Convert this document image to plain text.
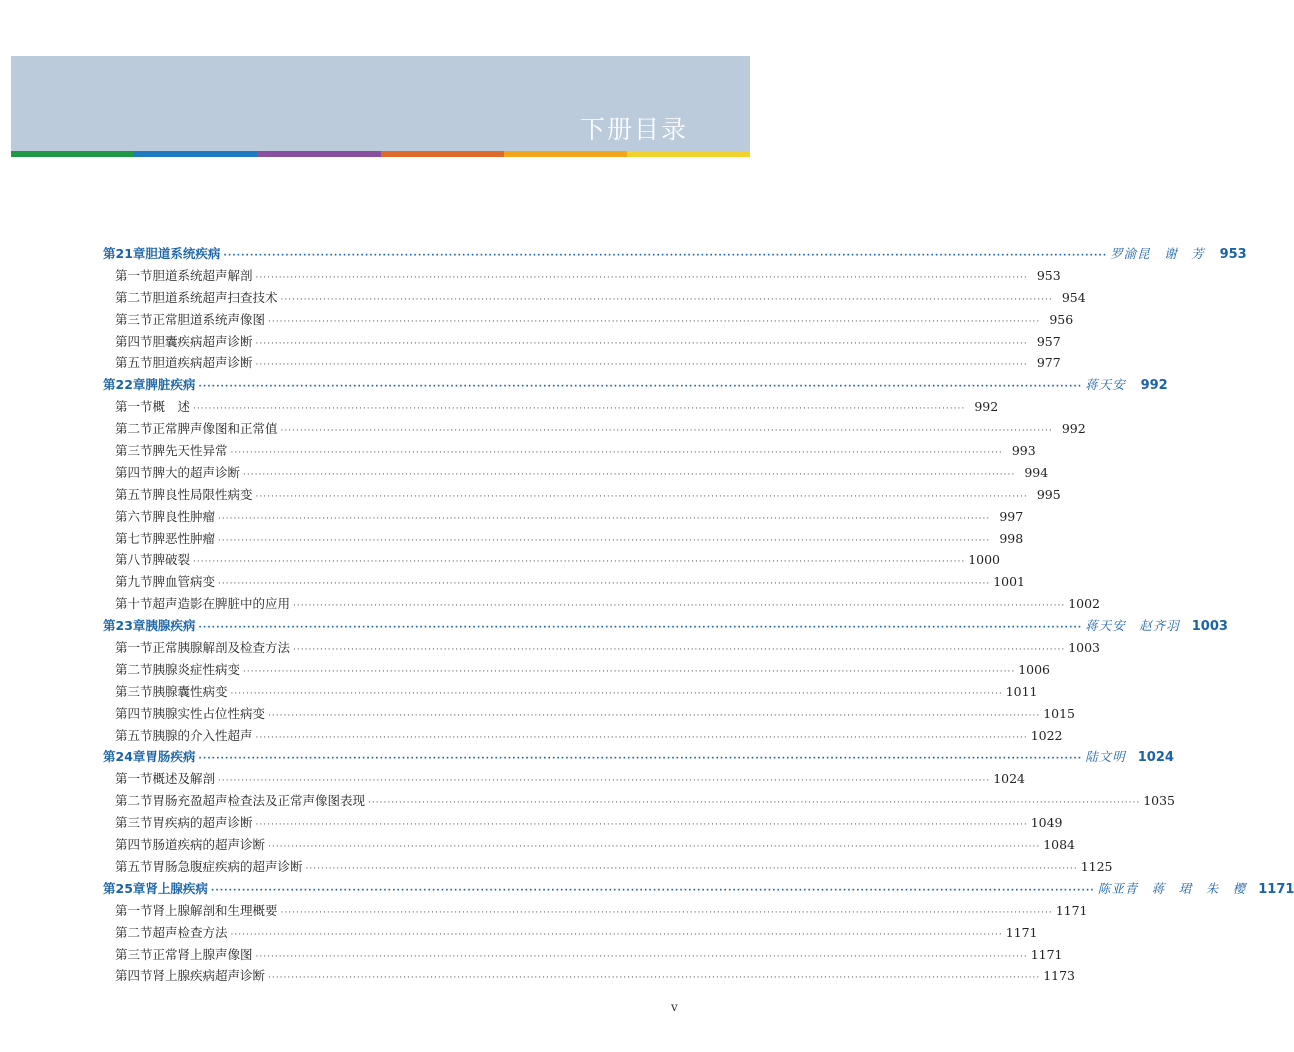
下册目录
第21章 胆道系统疾病 ········································································································································································································ 罗渝昆　谢　芳 953
第一节 胆道系统超声解剖 ········································································································································································································ 953
第二节 胆道系统超声扫查技术 ········································································································································································································ 954
第三节 正常胆道系统声像图 ········································································································································································································ 956
第四节 胆囊疾病超声诊断 ········································································································································································································ 957
第五节 胆道疾病超声诊断 ········································································································································································································ 977
第22章 脾脏疾病 ········································································································································································································ 蒋天安 992
第一节 概　述 ········································································································································································································ 992
第二节 正常脾声像图和正常值 ········································································································································································································ 992
第三节 脾先天性异常 ········································································································································································································ 993
第四节 脾大的超声诊断 ········································································································································································································ 994
第五节 脾良性局限性病变 ········································································································································································································ 995
第六节 脾良性肿瘤 ········································································································································································································ 997
第七节 脾恶性肿瘤 ········································································································································································································ 998
第八节 脾破裂 ········································································································································································································ 1000
第九节 脾血管病变 ········································································································································································································ 1001
第十节 超声造影在脾脏中的应用 ········································································································································································································ 1002
第23章 胰腺疾病 ········································································································································································································ 蒋天安　赵齐羽 1003
第一节 正常胰腺解剖及检查方法 ········································································································································································································ 1003
第二节 胰腺炎症性病变 ········································································································································································································ 1006
第三节 胰腺囊性病变 ········································································································································································································ 1011
第四节 胰腺实性占位性病变 ········································································································································································································ 1015
第五节 胰腺的介入性超声 ········································································································································································································ 1022
第24章 胃肠疾病 ········································································································································································································ 陆文明 1024
第一节 概述及解剖 ········································································································································································································ 1024
第二节 胃肠充盈超声检查法及正常声像图表现 ········································································································································································································ 1035
第三节 胃疾病的超声诊断 ········································································································································································································ 1049
第四节 肠道疾病的超声诊断 ········································································································································································································ 1084
第五节 胃肠急腹症疾病的超声诊断 ········································································································································································································ 1125
第25章 肾上腺疾病 ········································································································································································································ 陈亚青　蒋　珺　朱　樱 1171
第一节 肾上腺解剖和生理概要 ········································································································································································································ 1171
第二节 超声检查方法 ········································································································································································································ 1171
第三节 正常肾上腺声像图 ········································································································································································································ 1171
第四节 肾上腺疾病超声诊断 ········································································································································································································ 1173
v
